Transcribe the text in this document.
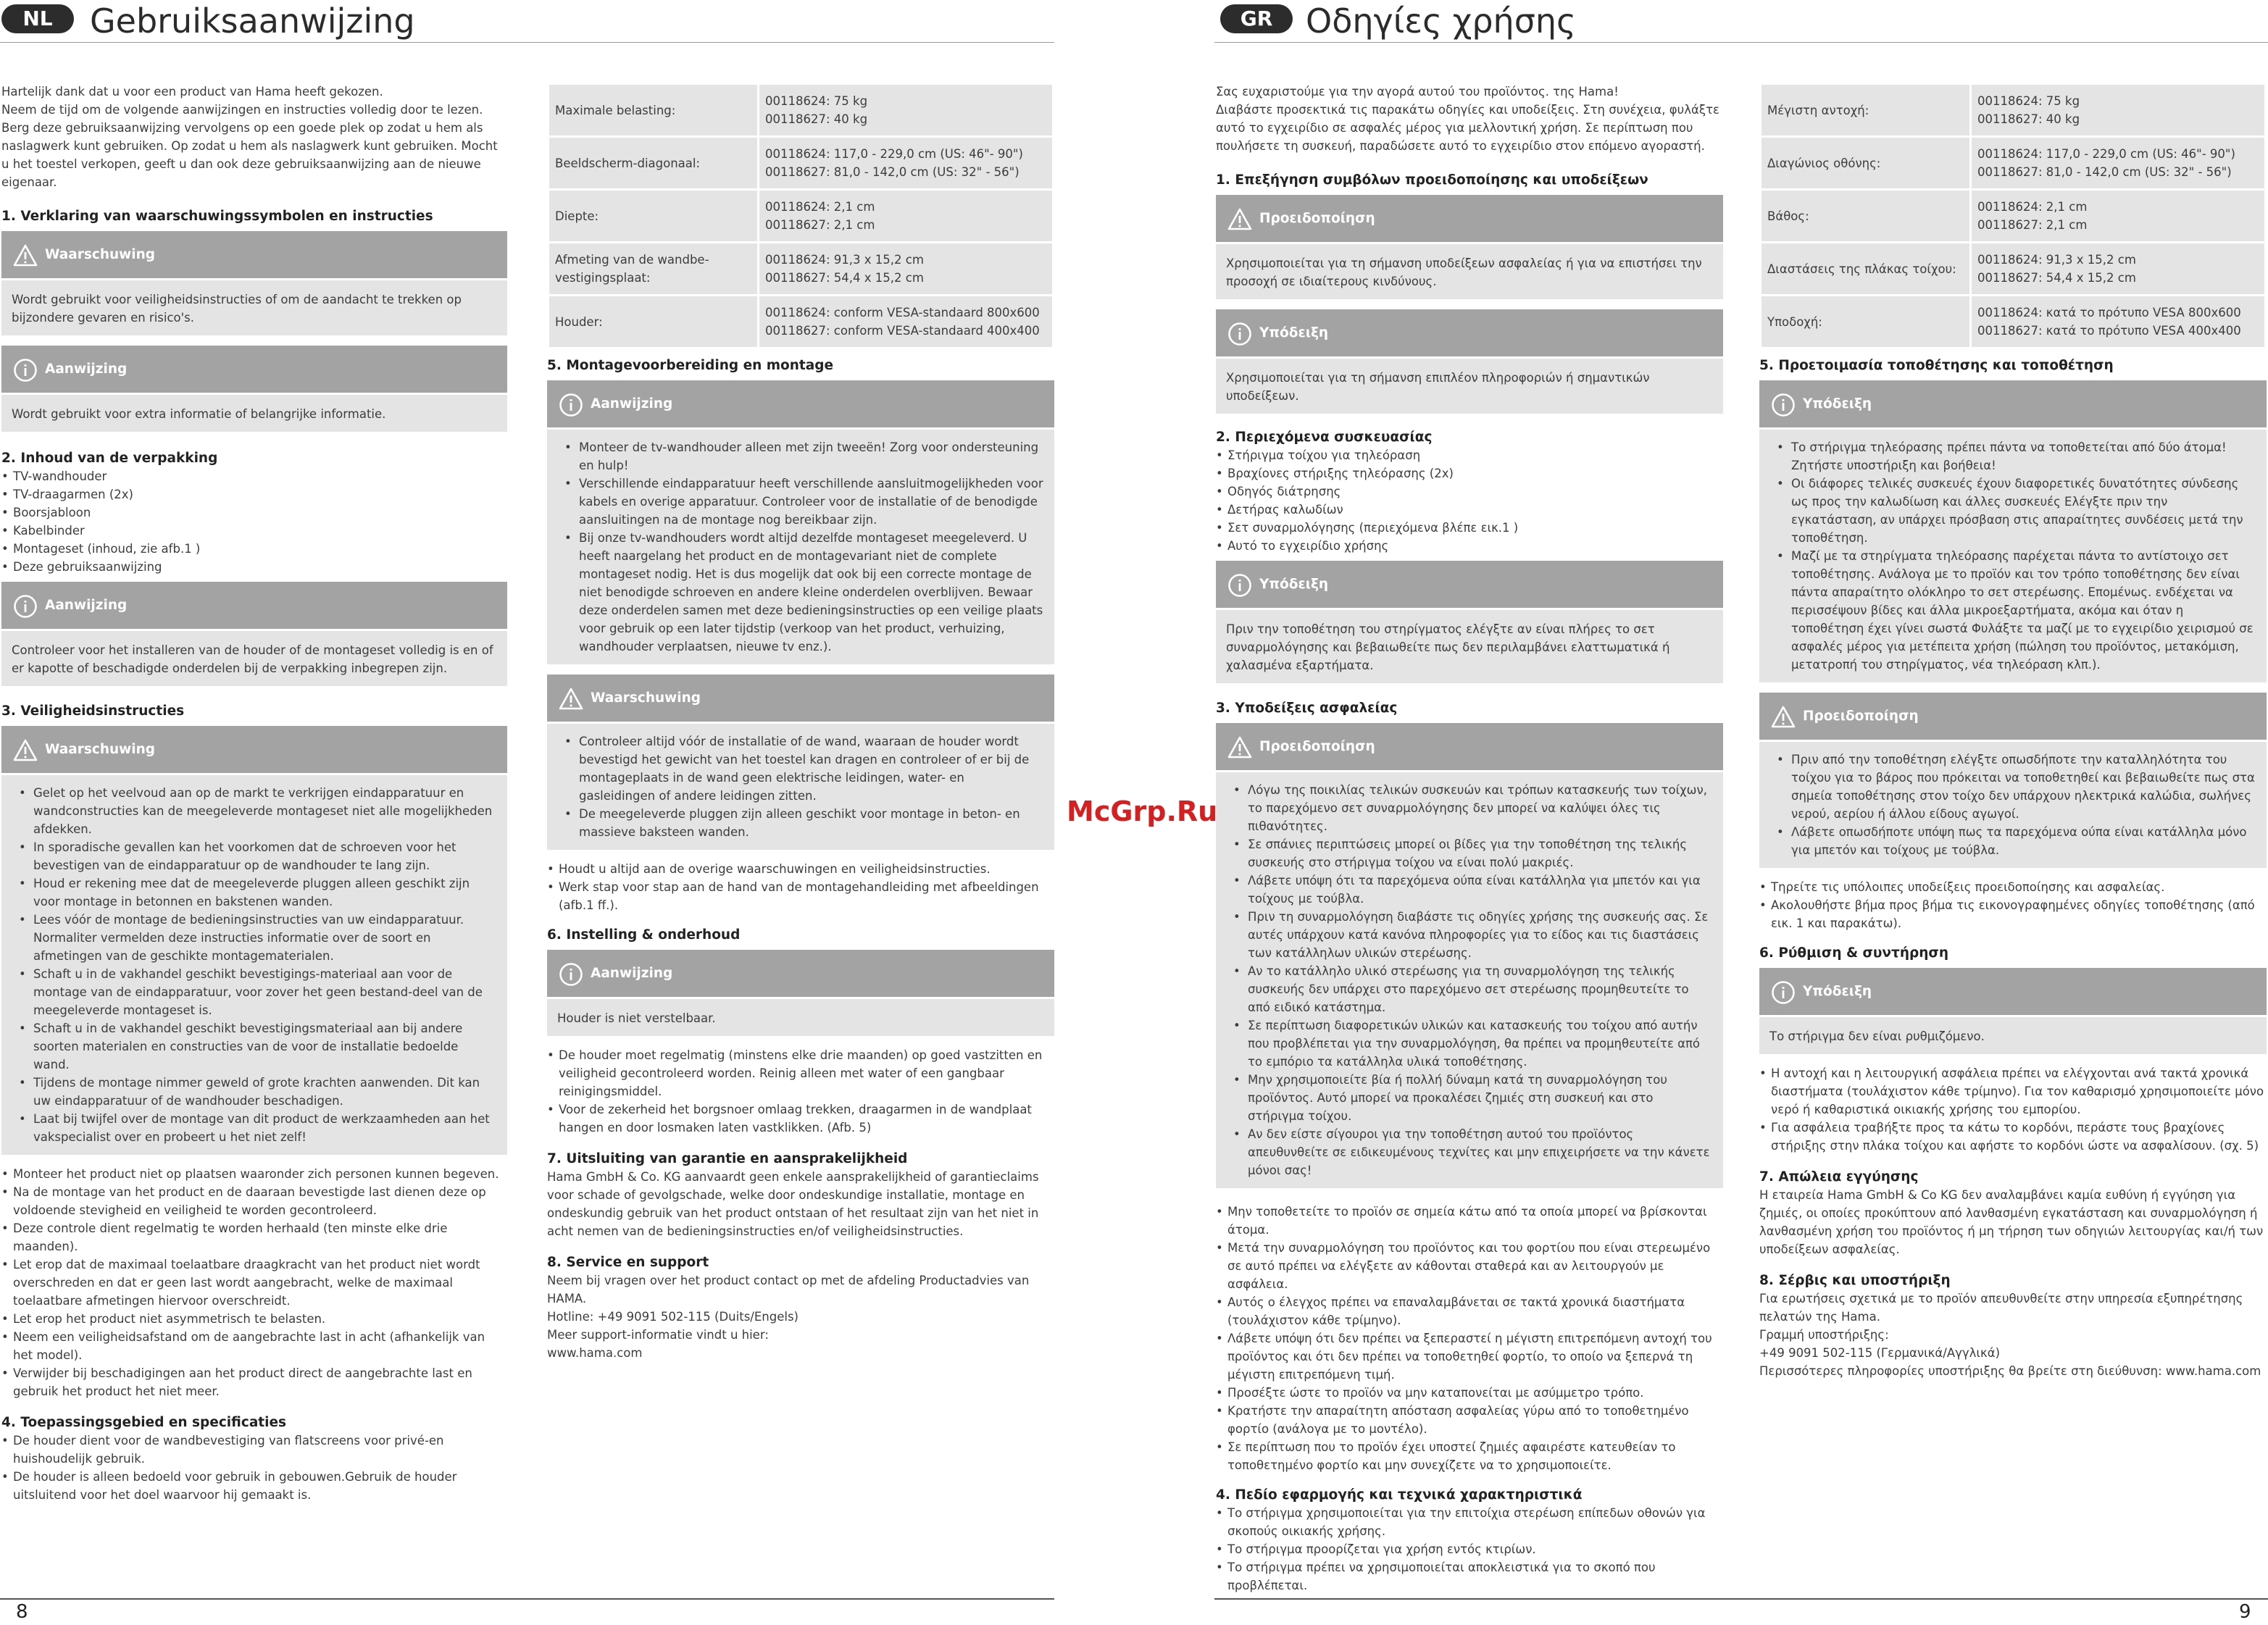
NL	Gebruiksaanwijzing	GR Οδηγίες χρήσης

Hartelijk dank dat u voor een product van Hama heeft gekozen.

Neem de tijd om de volgende aanwijzingen en instructies volledig door te lezen. Berg deze gebruiksaanwijzing vervolgens op een goede plek op zodat u hem als naslagwerk kunt gebruiken. Op zodat u hem als naslagwerk kunt gebruiken. Mocht u het toestel verkopen, geeft u dan ook deze gebruiksaanwijzing aan de nieuwe eigenaar.

1. Verklaring van waarschuwingssymbolen en instructies
Waarschuwing
Wordt gebruikt voor veiligheidsinstructies of om de aandacht te trekken op bijzondere gevaren en risico's.
Aanwijzing
Wordt gebruikt voor extra informatie of belangrijke informatie.
2. Inhoud van de verpakking
• TV-wandhouder
• TV-draagarmen (2x)
• Boorsjabloon
• Kabelbinder
• Montageset (inhoud, zie afb.1 )
• Deze gebruiksaanwijzing
Aanwijzing
Controleer voor het installeren van de houder of de montageset volledig is en of er kapotte of beschadigde onderdelen bij de verpakking inbegrepen zijn.
3. Veiligheidsinstructies
Waarschuwing
• Gelet op het veelvoud aan op de markt te verkrijgen eindapparatuur en wandconstructies kan de meegeleverde montageset niet alle mogelijkheden afdekken.
• In sporadische gevallen kan het voorkomen dat de schroeven voor het bevestigen van de eindapparatuur op de wandhouder te lang zijn.
• Houd er rekening mee dat de meegeleverde pluggen alleen geschikt zijn voor montage in betonnen en bakstenen wanden.
• Lees vóór de montage de bedieningsinstructies van uw eindapparatuur. Normaliter vermelden deze instructies informatie over de soort en afmetingen van de geschikte montagematerialen.
• Schaft u in de vakhandel geschikt bevestigings-materiaal aan voor de montage van de eindapparatuur, voor zover het geen bestand-deel van de meegeleverde montageset is.
• Schaft u in de vakhandel geschikt bevestigingsmateriaal aan bij andere soorten materialen en constructies van de voor de installatie bedoelde wand.
• Tijdens de montage nimmer geweld of grote krachten aanwenden. Dit kan uw eindapparatuur of de wandhouder beschadigen.
• Laat bij twijfel over de montage van dit product de werkzaamheden aan het vakspecialist over en probeert u het niet zelf!
• Monteer het product niet op plaatsen waaronder zich personen kunnen begeven.
• Na de montage van het product en de daaraan bevestigde last dienen deze op voldoende stevigheid en veiligheid te worden gecontroleerd.
• Deze controle dient regelmatig te worden herhaald (ten minste elke drie maanden).
• Let erop dat de maximaal toelaatbare draagkracht van het product niet wordt overschreden en dat er geen last wordt aangebracht, welke de maximaal toelaatbare afmetingen hiervoor overschreidt.
• Let erop het product niet asymmetrisch te belasten.
• Neem een veiligheidsafstand om de aangebrachte last in acht (afhankelijk van het model).
• Verwijder bij beschadigingen aan het product direct de aangebrachte last en gebruik het product het niet meer.
4. Toepassingsgebied en specificaties
• De houder dient voor de wandbevestiging van flatscreens voor privé-en huishoudelijk gebruik.
• De houder is alleen bedoeld voor gebruik in gebouwen.Gebruik de houder uitsluitend voor het doel waarvoor hij gemaakt is.
Maximale belasting:	00118624: 75 kg
00118627: 40 kg

Beeldscherm-diagonaal:	00118624: 117,0 - 229,0 cm (US: 46"- 90")
00118627: 81,0 - 142,0 cm (US: 32" - 56")

Diepte:	00118624: 2,1 cm
00118627: 2,1 cm

Afmeting van de wandbe-vestigingsplaat:	00118624: 91,3 x 15,2 cm
00118627: 54,4 x 15,2 cm

Houder:	00118624: conform VESA-standaard 800x600
00118627: conform VESA-standaard 400x400
5. Montagevoorbereiding en montage
Aanwijzing
• Monteer de tv-wandhouder alleen met zijn tweeën! Zorg voor ondersteuning en hulp!
• Verschillende eindapparatuur heeft verschillende aansluitmogelijkheden voor kabels en overige apparatuur. Controleer voor de installatie of de benodigde aansluitingen na de montage nog bereikbaar zijn.
• Bij onze tv-wandhouders wordt altijd dezelfde montageset meegeleverd. U heeft naargelang het product en de montagevariant niet de complete montageset nodig. Het is dus mogelijk dat ook bij een correcte montage de niet benodigde schroeven en andere kleine onderdelen overblijven. Bewaar deze onderdelen samen met deze bedieningsinstructies op een veilige plaats voor gebruik op een later tijdstip (verkoop van het product, verhuizing, wandhouder verplaatsen, nieuwe tv enz.).
Waarschuwing
• Controleer altijd vóór de installatie of de wand, waaraan de houder wordt bevestigd het gewicht van het toestel kan dragen en controleer of er bij de montageplaats in de wand geen elektrische leidingen, water- en gasleidingen of andere leidingen zitten.
• De meegeleverde pluggen zijn alleen geschikt voor montage in beton- en massieve baksteen wanden.
• Houdt u altijd aan de overige waarschuwingen en veiligheidsinstructies.
• Werk stap voor stap aan de hand van de montagehandleiding met afbeeldingen (afb.1 ff.).
6. Instelling & onderhoud
Aanwijzing
Houder is niet verstelbaar.
• De houder moet regelmatig (minstens elke drie maanden) op goed vastzitten en veiligheid gecontroleerd worden. Reinig alleen met water of een gangbaar reinigingsmiddel.
• Voor de zekerheid het borgsnoer omlaag trekken, draagarmen in de wandplaat hangen en door losmaken laten vastklikken. (Afb. 5)
7. Uitsluiting van garantie en aansprakelijkheid

Hama GmbH & Co. KG aanvaardt geen enkele aansprakelijkheid of garantieclaims voor schade of gevolgschade, welke door ondeskundige installatie, montage en ondeskundig gebruik van het product ontstaan of het resultaat zijn van het niet in acht nemen van de bedieningsinstructies en/of veiligheidsinstructies.

8. Service en support

Neem bij vragen over het product contact op met de afdeling Productadvies van HAMA.

Hotline: +49 9091 502-115 (Duits/Engels)

Meer support-informatie vindt u hier:

www.hama.com

Σας ευχαριστούμε για την αγορά αυτού του προϊόντος. της Hama!

Διαβάστε προσεκτικά τις παρακάτω οδηγίες και υποδείξεις. Στη συνέχεια, φυλάξτε αυτό το εγχειρίδιο σε ασφαλές μέρος για μελλοντική χρήση. Σε περίπτωση που πουλήσετε τη συσκευή, παραδώσετε αυτό το εγχειρίδιο στον επόμενο αγοραστή.

1. Επεξήγηση συμβόλων προειδοποίησης και υποδείξεων
Προειδοποίηση
Χρησιμοποιείται για τη σήμανση υποδείξεων ασφαλείας ή για να επιστήσει την προσοχή σε ιδιαίτερους κινδύνους.
Υπόδειξη
Χρησιμοποιείται για τη σήμανση επιπλέον πληροφοριών ή σημαντικών υποδείξεων.
2. Περιεχόμενα συσκευασίας
• Στήριγμα τοίχου για τηλεόραση
• Βραχίονες στήριξης τηλεόρασης (2x)
• Οδηγός διάτρησης
• Δετήρας καλωδίων
• Σετ συναρμολόγησης (περιεχόμενα βλέπε εικ.1 )
• Αυτό το εγχειρίδιο χρήσης
Υπόδειξη
Πριν την τοποθέτηση του στηρίγματος ελέγξτε αν είναι πλήρες το σετ συναρμολόγησης και βεβαιωθείτε πως δεν περιλαμβάνει ελαττωματικά ή χαλασμένα εξαρτήματα.
3. Υποδείξεις ασφαλείας
Προειδοποίηση
• Λόγω της ποικιλίας τελικών συσκευών και τρόπων κατασκευής των τοίχων, το παρεχόμενο σετ συναρμολόγησης δεν μπορεί να καλύψει όλες τις πιθανότητες.
• Σε σπάνιες περιπτώσεις μπορεί οι βίδες για την τοποθέτηση της τελικής συσκευής στο στήριγμα τοίχου να είναι πολύ μακριές.
• Λάβετε υπόψη ότι τα παρεχόμενα ούπα είναι κατάλληλα για μπετόν και για τοίχους με τούβλα.
• Πριν τη συναρμολόγηση διαβάστε τις οδηγίες χρήσης της συσκευής σας. Σε αυτές υπάρχουν κατά κανόνα πληροφορίες για το είδος και τις διαστάσεις των κατάλληλων υλικών στερέωσης.
• Αν το κατάλληλο υλικό στερέωσης για τη συναρμολόγηση της τελικής συσκευής δεν υπάρχει στο παρεχόμενο σετ στερέωσης προμηθευτείτε το από ειδικό κατάστημα.
• Σε περίπτωση διαφορετικών υλικών και κατασκευής του τοίχου από αυτήν που προβλέπεται για την συναρμολόγηση, θα πρέπει να προμηθευτείτε από το εμπόριο τα κατάλληλα υλικά τοποθέτησης.
• Μην χρησιμοποιείτε βία ή πολλή δύναμη κατά τη συναρμολόγηση του προϊόντος. Αυτό μπορεί να προκαλέσει ζημιές στη συσκευή και στο στήριγμα τοίχου.
• Αν δεν είστε σίγουροι για την τοποθέτηση αυτού του προϊόντος απευθυνθείτε σε ειδικευμένους τεχνίτες και μην επιχειρήσετε να την κάνετε μόνοι σας!
• Μην τοποθετείτε το προϊόν σε σημεία κάτω από τα οποία μπορεί να βρίσκονται άτομα.
• Μετά την συναρμολόγηση του προϊόντος και του φορτίου που είναι στερεωμένο σε αυτό πρέπει να ελέγξετε αν κάθονται σταθερά και αν λειτουργούν με ασφάλεια.
• Αυτός ο έλεγχος πρέπει να επαναλαμβάνεται σε τακτά χρονικά διαστήματα (τουλάχιστον κάθε τρίμηνο).
• Λάβετε υπόψη ότι δεν πρέπει να ξεπεραστεί η μέγιστη επιτρεπόμενη αντοχή του προϊόντος και ότι δεν πρέπει να τοποθετηθεί φορτίο, το οποίο να ξεπερνά τη μέγιστη επιτρεπόμενη τιμή.
• Προσέξτε ώστε το προϊόν να μην καταπονείται με ασύμμετρο τρόπο.
• Κρατήστε την απαραίτητη απόσταση ασφαλείας γύρω από το τοποθετημένο φορτίο (ανάλογα με το μοντέλο).
• Σε περίπτωση που το προϊόν έχει υποστεί ζημιές αφαιρέστε κατευθείαν το τοποθετημένο φορτίο και μην συνεχίζετε να το χρησιμοποιείτε.
4. Πεδίο εφαρμογής και τεχνικά χαρακτηριστικά
• Το στήριγμα χρησιμοποιείται για την επιτοίχια στερέωση επίπεδων οθονών για σκοπούς οικιακής χρήσης.
• Το στήριγμα προορίζεται για χρήση εντός κτιρίων.
• Το στήριγμα πρέπει να χρησιμοποιείται αποκλειστικά για το σκοπό που προβλέπεται.
Μέγιστη αντοχή:	00118624: 75 kg
00118627: 40 kg

Διαγώνιος οθόνης:	00118624: 117,0 - 229,0 cm (US: 46"- 90")
00118627: 81,0 - 142,0 cm (US: 32" - 56")

Βάθος:	00118624: 2,1 cm
00118627: 2,1 cm

Διαστάσεις της πλάκας τοίχου:	00118624: 91,3 x 15,2 cm
00118627: 54,4 x 15,2 cm

Υποδοχή:	00118624: κατά το πρότυπο VESA 800x600
00118627: κατά το πρότυπο VESA 400x400
5. Προετοιμασία τοποθέτησης και τοποθέτηση
Υπόδειξη
• Το στήριγμα τηλεόρασης πρέπει πάντα να τοποθετείται από δύο άτομα! Ζητήστε υποστήριξη και βοήθεια!
• Οι διάφορες τελικές συσκευές έχουν διαφορετικές δυνατότητες σύνδεσης ως προς την καλωδίωση και άλλες συσκευές Ελέγξτε πριν την εγκατάσταση, αν υπάρχει πρόσβαση στις απαραίτητες συνδέσεις μετά την τοποθέτηση.
• Μαζί με τα στηρίγματα τηλεόρασης παρέχεται πάντα το αντίστοιχο σετ τοποθέτησης. Ανάλογα με το προϊόν και τον τρόπο τοποθέτησης δεν είναι πάντα απαραίτητο ολόκληρο το σετ στερέωσης. Επομένως. ενδέχεται να περισσέψουν βίδες και άλλα μικροεξαρτήματα, ακόμα και όταν η τοποθέτηση έχει γίνει σωστά Φυλάξτε τα μαζί με το εγχειρίδιο χειρισμού σε ασφαλές μέρος για μετέπειτα χρήση (πώληση του προϊόντος, μετακόμιση, μετατροπή του στηρίγματος, νέα τηλεόραση κλπ.).
Προειδοποίηση
• Πριν από την τοποθέτηση ελέγξτε οπωσδήποτε την καταλληλότητα του τοίχου για το βάρος που πρόκειται να τοποθετηθεί και βεβαιωθείτε πως στα σημεία τοποθέτησης στον τοίχο δεν υπάρχουν ηλεκτρικά καλώδια, σωλήνες νερού, αερίου ή άλλου είδους αγωγοί.
• Λάβετε οπωσδήποτε υπόψη πως τα παρεχόμενα ούπα είναι κατάλληλα μόνο για μπετόν και τοίχους με τούβλα.
• Τηρείτε τις υπόλοιπες υποδείξεις προειδοποίησης και ασφαλείας.
• Ακολουθήστε βήμα προς βήμα τις εικονογραφημένες οδηγίες τοποθέτησης (από εικ. 1 και παρακάτω).
6. Ρύθμιση & συντήρηση
Υπόδειξη
Το στήριγμα δεν είναι ρυθμιζόμενο.
• Η αντοχή και η λειτουργική ασφάλεια πρέπει να ελέγχονται ανά τακτά χρονικά διαστήματα (τουλάχιστον κάθε τρίμηνο). Για τον καθαρισμό χρησιμοποιείτε μόνο νερό ή καθαριστικά οικιακής χρήσης του εμπορίου.
• Για ασφάλεια τραβήξτε προς τα κάτω το κορδόνι, περάστε τους βραχίονες στήριξης στην πλάκα τοίχου και αφήστε το κορδόνι ώστε να ασφαλίσουν. (σχ. 5)
7. Απώλεια εγγύησης

Η εταιρεία Hama GmbH & Co KG δεν αναλαμβάνει καμία ευθύνη ή εγγύηση για ζημιές, οι οποίες προκύπτουν από λανθασμένη εγκατάσταση και συναρμολόγηση ή λανθασμένη χρήση του προϊόντος ή μη τήρηση των οδηγιών λειτουργίας και/ή των υποδείξεων ασφαλείας.

8. Σέρβις και υποστήριξη

Για ερωτήσεις σχετικά με το προϊόν απευθυνθείτε στην υπηρεσία εξυπηρέτησης πελατών της Hama.

Γραμμή υποστήριξης:

+49 9091 502-115 (Γερμανικά/Αγγλικά)

Περισσότερες πληροφορίες υποστήριξης θα βρείτε στη διεύθυνση: www.hama.com

McGrp.Ru
8	9
